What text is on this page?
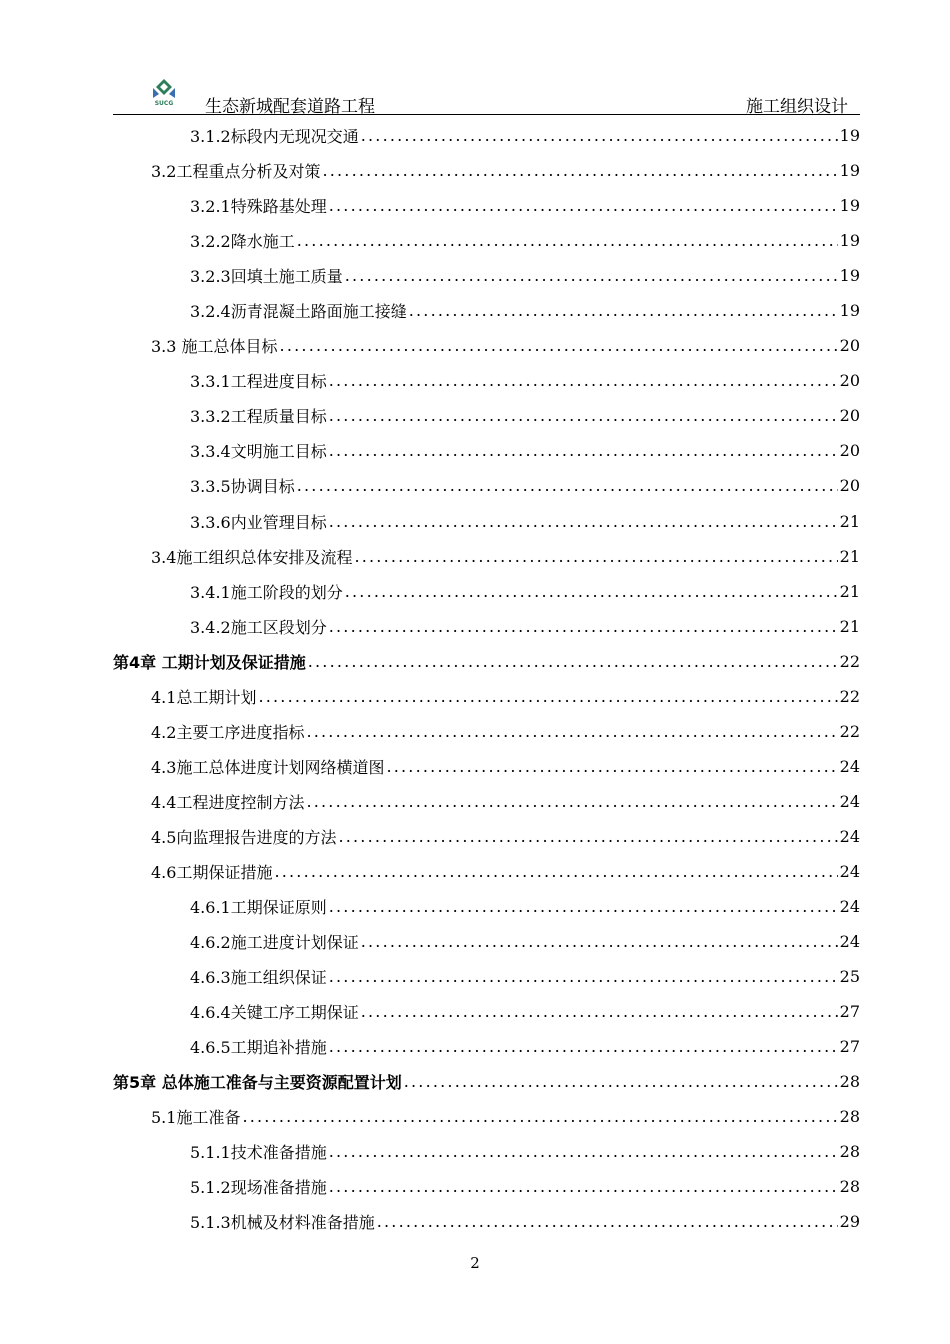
SUCG	生态新城配套道路工程	施工组织设计
3.1.2标段内无现况交通 .....	19
3.2工程重点分析及对策 .....	19
3.2.1特殊路基处理 .....	19
3.2.2降水施工 .....	19
3.2.3回填土施工质量 .....	19
3.2.4沥青混凝土路面施工接缝 .....	19
3.3 施工总体目标 .....	20
3.3.1工程进度目标 .....	20
3.3.2工程质量目标 .....	20
3.3.4文明施工目标 .....	20
3.3.5协调目标 .....	20
3.3.6内业管理目标 .....	21
3.4施工组织总体安排及流程 .....	21
3.4.1施工阶段的划分 .....	21
3.4.2施工区段划分 .....	21
第4章 工期计划及保证措施 .....	22
4.1总工期计划 .....	22
4.2主要工序进度指标 .....	22
4.3施工总体进度计划网络横道图 .....	24
4.4工程进度控制方法 .....	24
4.5向监理报告进度的方法 .....	24
4.6工期保证措施 .....	24
4.6.1工期保证原则 .....	24
4.6.2施工进度计划保证 .....	24
4.6.3施工组织保证 .....	25
4.6.4关键工序工期保证 .....	27
4.6.5工期追补措施 .....	27
第5章 总体施工准备与主要资源配置计划 .....	28
5.1施工准备 .....	28
5.1.1技术准备措施 .....	28
5.1.2现场准备措施 .....	28
5.1.3机械及材料准备措施 .....	29
2
